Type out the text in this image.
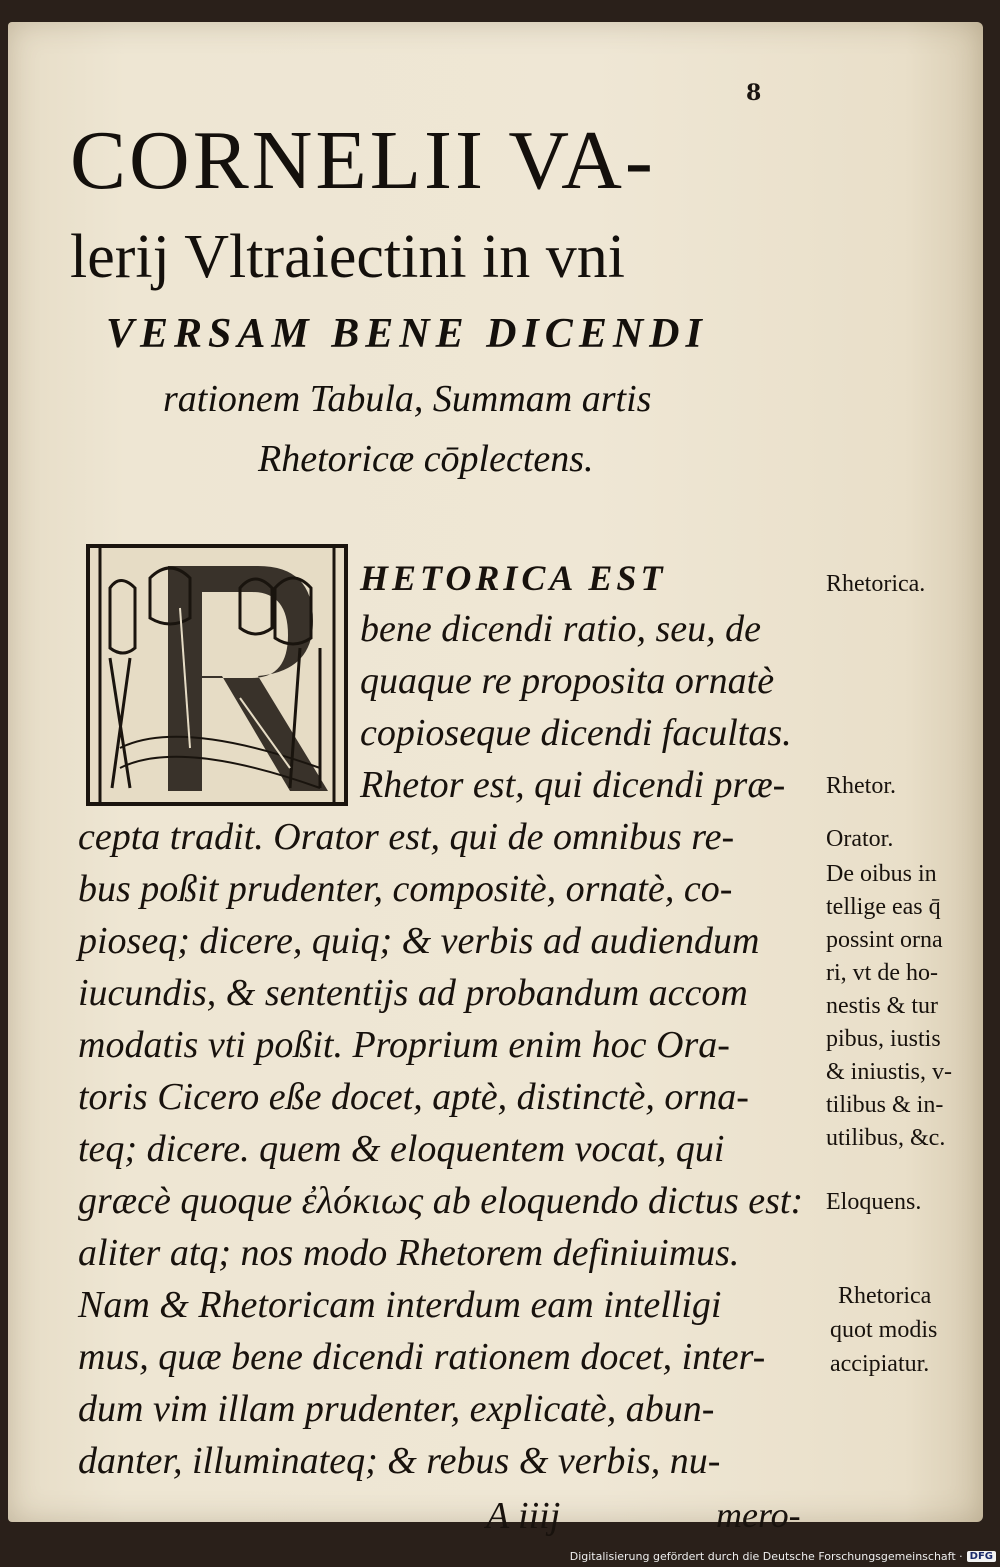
8
CORNELII VA-
lerij Vltraiectini in vni
VERSAM BENE DICENDI
rationem Tabula, Summam artis
Rhetoricæ cōplectens.
HETORICA EST
bene dicendi ratio, seu, de
quaque re proposita ornatè
copioseque dicendi facultas.
Rhetor est, qui dicendi præ-
cepta tradit. Orator est, qui de omnibus re-
bus poßit prudenter, compositè, ornatè, co-
pioseq; dicere, quiq; & verbis ad audiendum
iucundis, & sententijs ad probandum accom
modatis vti poßit. Proprium enim hoc Ora-
toris Cicero eße docet, aptè, distinctè, orna-
teq; dicere. quem & eloquentem vocat, qui
græcè quoque ἐλόκιως ab eloquendo dictus est:
aliter atq; nos modo Rhetorem definiuimus.
Nam & Rhetoricam interdum eam intelligi
mus, quæ bene dicendi rationem docet, inter-
dum vim illam prudenter, explicatè, abun-
danter, illuminateq; & rebus & verbis, nu-
Rhetorica.
Rhetor.
Orator.
De oibus in
tellige eas q̄
possint orna
ri, vt de ho-
nestis & tur
pibus, iustis
& iniustis, v-
tilibus & in-
utilibus, &c.
Eloquens.
Rhetorica
quot modis
accipiatur.
A iiij	mero-
Digitalisierung gefördert durch die Deutsche Forschungsgemeinschaft · DFG
